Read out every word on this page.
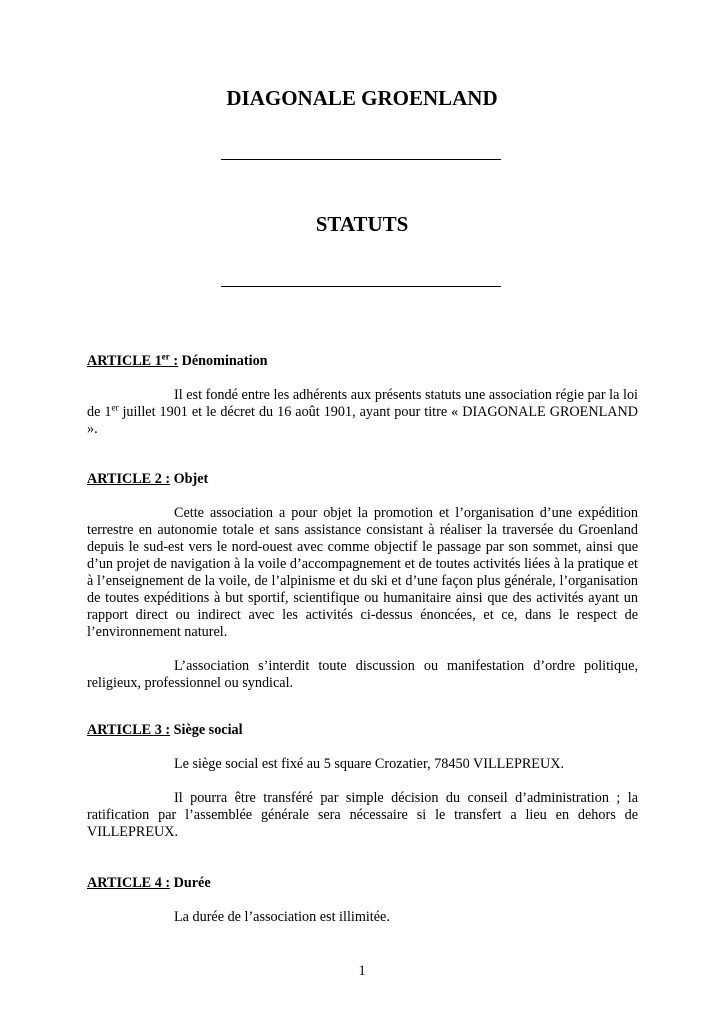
DIAGONALE GROENLAND
STATUTS

ARTICLE 1er : Dénomination

Il est fondé entre les adhérents aux présents statuts une association régie par la loi de 1er juillet 1901 et le décret du 16 août 1901, ayant pour titre « DIAGONALE GROENLAND ».

ARTICLE 2 : Objet

Cette association a pour objet la promotion et l’organisation d’une expédition terrestre en autonomie totale et sans assistance consistant à réaliser la traversée du Groenland depuis le sud-est vers le nord-ouest avec comme objectif le passage par son sommet, ainsi que d’un projet de navigation à la voile d’accompagnement et de toutes activités liées à la pratique et à l’enseignement de la voile, de l’alpinisme et du ski et d’une façon plus générale, l’organisation de toutes expéditions à but sportif, scientifique ou humanitaire ainsi que des activités ayant un rapport direct ou indirect avec les activités ci-dessus énoncées, et ce, dans le respect de l’environnement naturel.

L’association s’interdit toute discussion ou manifestation d’ordre politique, religieux, professionnel ou syndical.

ARTICLE 3 : Siège social

Le siège social est fixé au 5 square Crozatier, 78450 VILLEPREUX.

Il pourra être transféré par simple décision du conseil d’administration ; la ratification par l’assemblée générale sera nécessaire si le transfert a lieu en dehors de VILLEPREUX.

ARTICLE 4 : Durée

La durée de l’association est illimitée.

1
